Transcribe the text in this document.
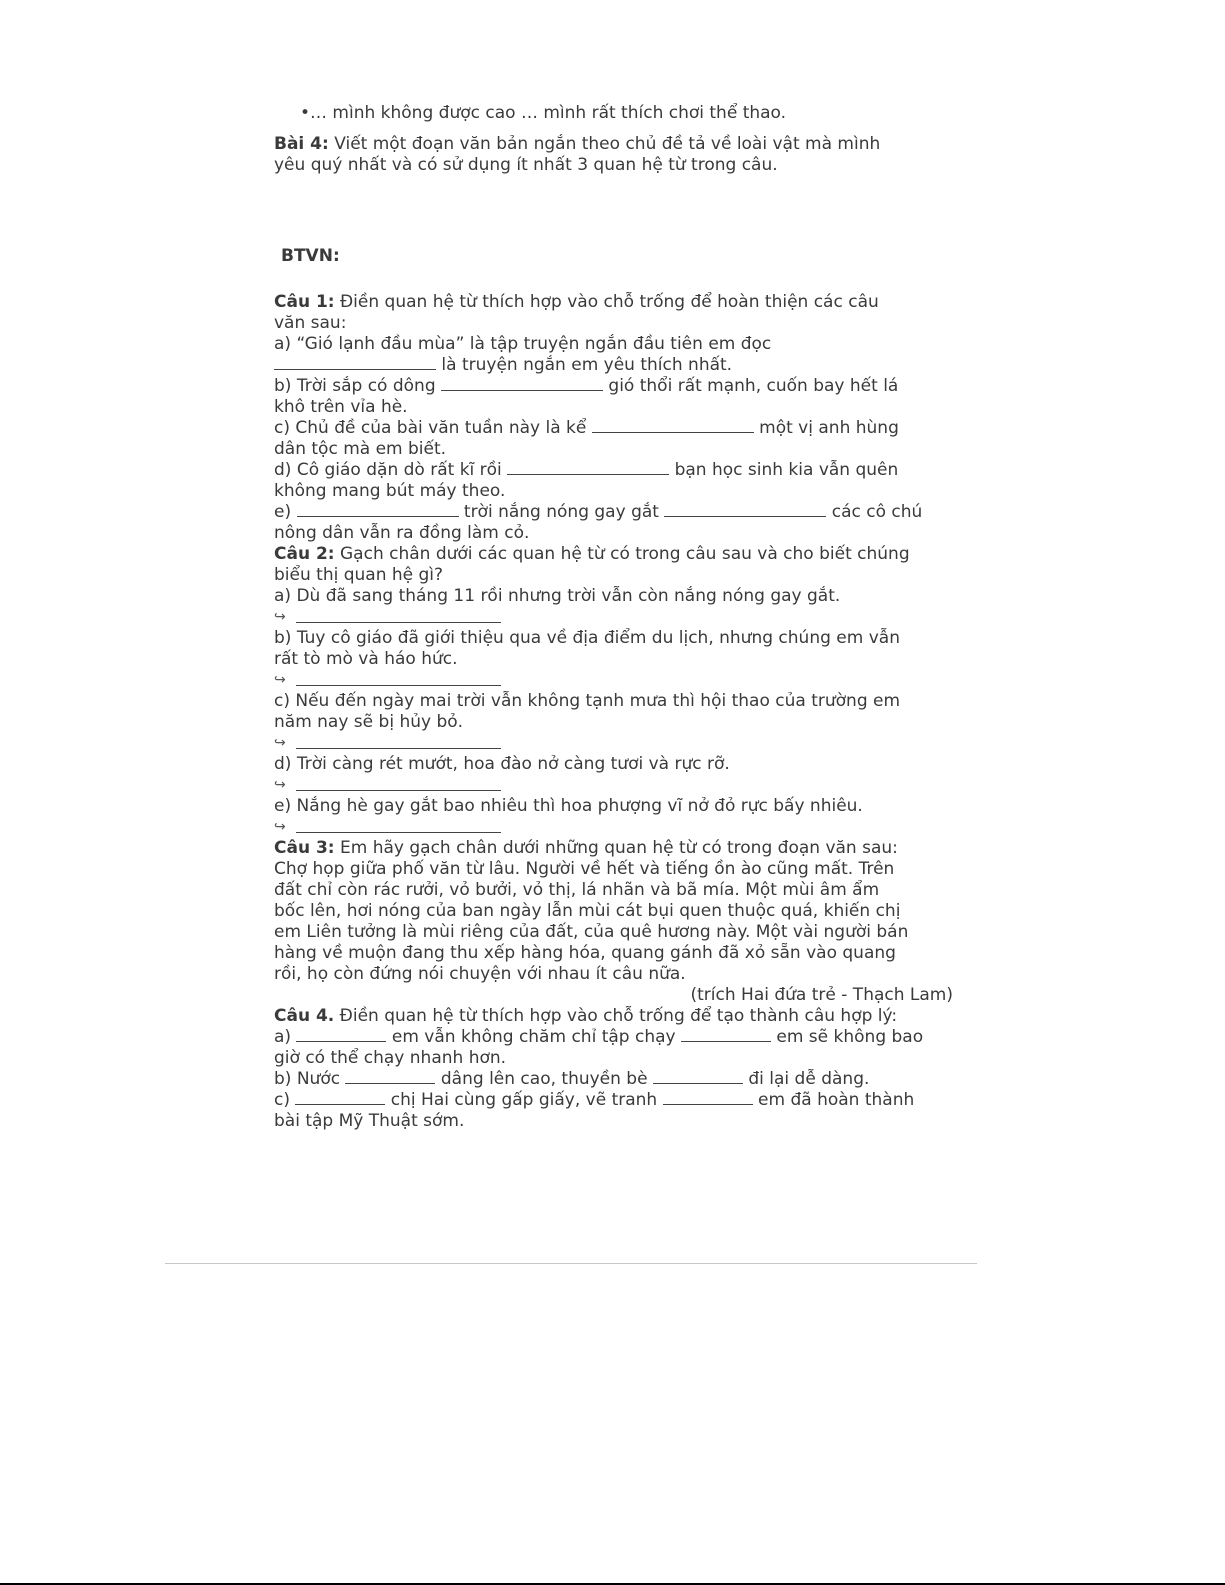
•… mình không được cao … mình rất thích chơi thể thao.

Bài 4: Viết một đoạn văn bản ngắn theo chủ đề tả về loài vật mà mình

yêu quý nhất và có sử dụng ít nhất 3 quan hệ từ trong câu.

BTVN:

Câu 1: Điền quan hệ từ thích hợp vào chỗ trống để hoàn thiện các câu

văn sau:

a) “Gió lạnh đầu mùa” là tập truyện ngắn đầu tiên em đọc

là truyện ngắn em yêu thích nhất.

b) Trời sắp có dông	gió thổi rất mạnh, cuốn bay hết lá

khô trên vỉa hè.

c) Chủ đề của bài văn tuần này là kể	một vị anh hùng

dân tộc mà em biết.

d) Cô giáo dặn dò rất kĩ rồi	bạn học sinh kia vẫn quên

không mang bút máy theo.

e)	trời nắng nóng gay gắt	các cô chú

nông dân vẫn ra đồng làm cỏ.

Câu 2: Gạch chân dưới các quan hệ từ có trong câu sau và cho biết chúng

biểu thị quan hệ gì?

a) Dù đã sang tháng 11 rồi nhưng trời vẫn còn nắng nóng gay gắt.

↪

b) Tuy cô giáo đã giới thiệu qua về địa điểm du lịch, nhưng chúng em vẫn

rất tò mò và háo hức.

↪

c) Nếu đến ngày mai trời vẫn không tạnh mưa thì hội thao của trường em

năm nay sẽ bị hủy bỏ.

↪

d) Trời càng rét mướt, hoa đào nở càng tươi và rực rỡ.

↪

e) Nắng hè gay gắt bao nhiêu thì hoa phượng vĩ nở đỏ rực bấy nhiêu.

↪

Câu 3: Em hãy gạch chân dưới những quan hệ từ có trong đoạn văn sau:

Chợ họp giữa phố văn từ lâu. Người về hết và tiếng ồn ào cũng mất. Trên

đất chỉ còn rác rưởi, vỏ bưởi, vỏ thị, lá nhãn và bã mía. Một mùi âm ẩm

bốc lên, hơi nóng của ban ngày lẫn mùi cát bụi quen thuộc quá, khiến chị

em Liên tưởng là mùi riêng của đất, của quê hương này. Một vài người bán

hàng về muộn đang thu xếp hàng hóa, quang gánh đã xỏ sẵn vào quang

rồi, họ còn đứng nói chuyện với nhau ít câu nữa.

(trích Hai đứa trẻ - Thạch Lam)

Câu 4. Điền quan hệ từ thích hợp vào chỗ trống để tạo thành câu hợp lý:

a)	em vẫn không chăm chỉ tập chạy	em sẽ không bao

giờ có thể chạy nhanh hơn.

b) Nước	dâng lên cao, thuyền bè	đi lại dễ dàng.

c)	chị Hai cùng gấp giấy, vẽ tranh	em đã hoàn thành

bài tập Mỹ Thuật sớm.
